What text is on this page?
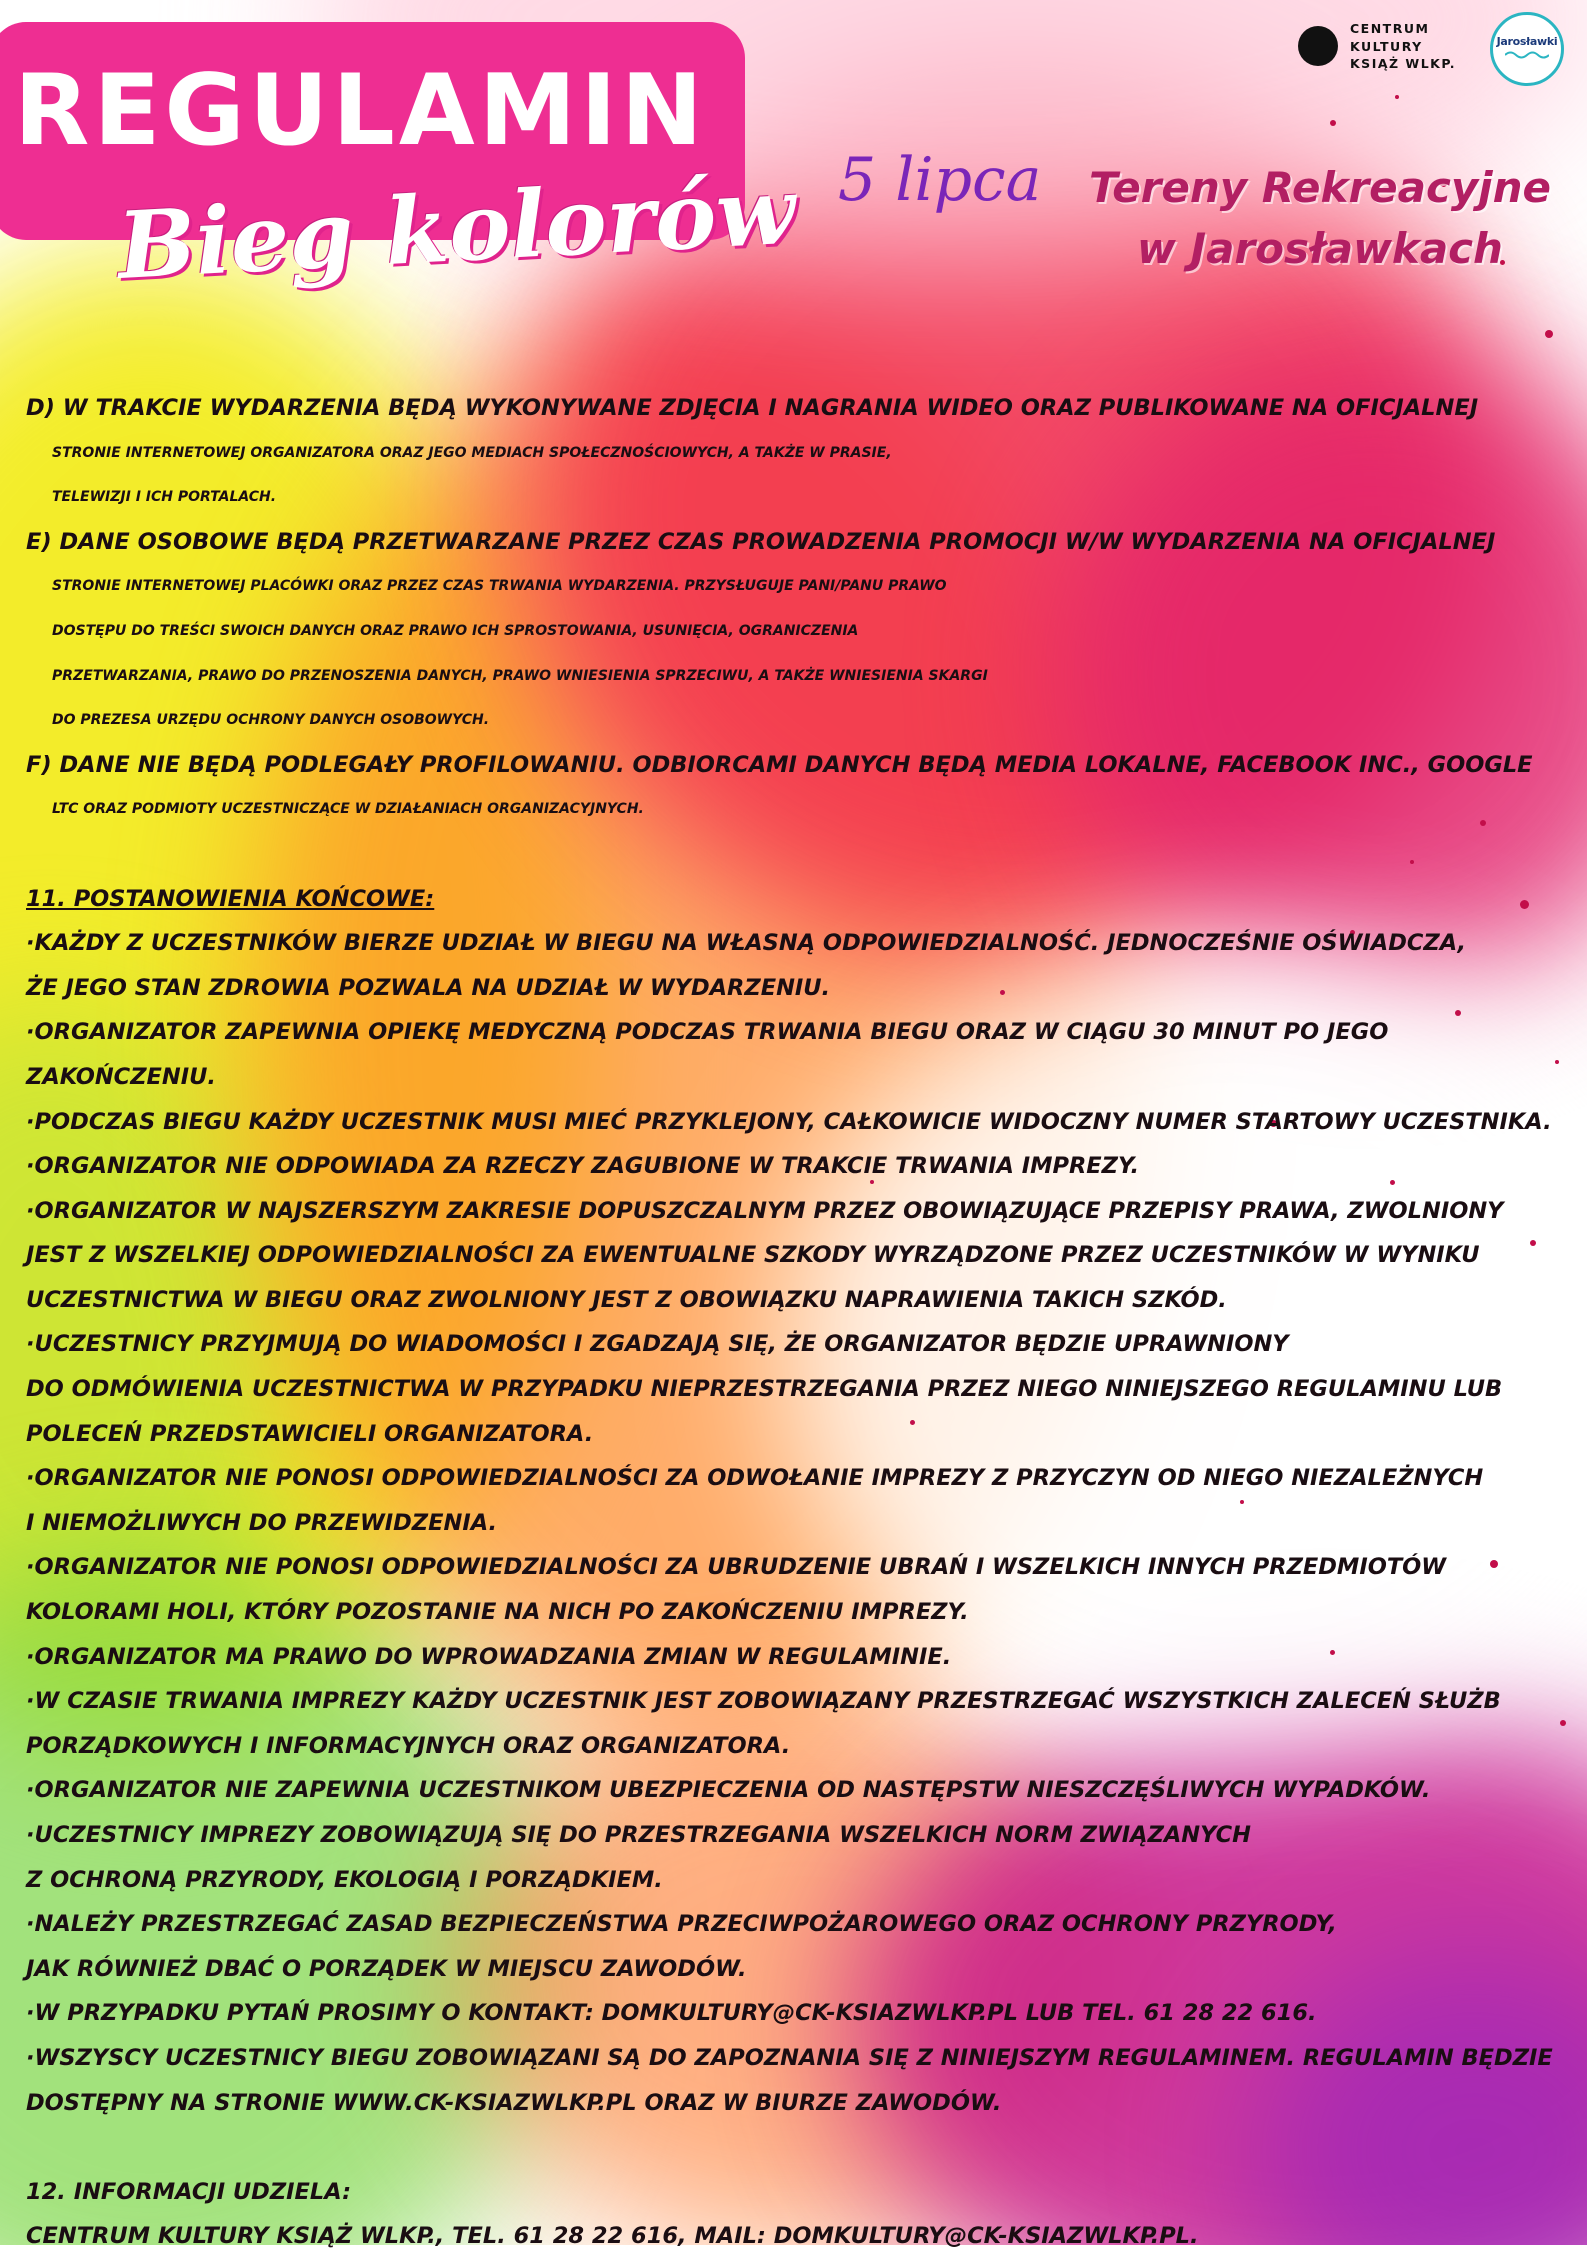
REGULAMIN
Bieg kolorów 5 lipca	Tereny Rekreacyjne
w Jarosławkach
CENTRUM
KULTURY
KSIĄŻ WLKP.
Jarosławki
D) W TRAKCIE WYDARZENIA BĘDĄ WYKONYWANE ZDJĘCIA I NAGRANIA WIDEO ORAZ PUBLIKOWANE NA OFICJALNEJ
STRONIE INTERNETOWEJ ORGANIZATORA ORAZ JEGO MEDIACH SPOŁECZNOŚCIOWYCH, A TAKŻE W PRASIE,
TELEWIZJI I ICH PORTALACH.
E) DANE OSOBOWE BĘDĄ PRZETWARZANE PRZEZ CZAS PROWADZENIA PROMOCJI W/W WYDARZENIA NA OFICJALNEJ
STRONIE INTERNETOWEJ PLACÓWKI ORAZ PRZEZ CZAS TRWANIA WYDARZENIA. PRZYSŁUGUJE PANI/PANU PRAWO
DOSTĘPU DO TREŚCI SWOICH DANYCH ORAZ PRAWO ICH SPROSTOWANIA, USUNIĘCIA, OGRANICZENIA
PRZETWARZANIA, PRAWO DO PRZENOSZENIA DANYCH, PRAWO WNIESIENIA SPRZECIWU, A TAKŻE WNIESIENIA SKARGI
DO PREZESA URZĘDU OCHRONY DANYCH OSOBOWYCH.
F) DANE NIE BĘDĄ PODLEGAŁY PROFILOWANIU. ODBIORCAMI DANYCH BĘDĄ MEDIA LOKALNE, FACEBOOK INC., GOOGLE
LTC ORAZ PODMIOTY UCZESTNICZĄCE W DZIAŁANIACH ORGANIZACYJNYCH.
11. POSTANOWIENIA KOŃCOWE:
·KAŻDY Z UCZESTNIKÓW BIERZE UDZIAŁ W BIEGU NA WŁASNĄ ODPOWIEDZIALNOŚĆ. JEDNOCZEŚNIE OŚWIADCZA,
ŻE JEGO STAN ZDROWIA POZWALA NA UDZIAŁ W WYDARZENIU.
·ORGANIZATOR ZAPEWNIA OPIEKĘ MEDYCZNĄ PODCZAS TRWANIA BIEGU ORAZ W CIĄGU 30 MINUT PO JEGO
ZAKOŃCZENIU.
·PODCZAS BIEGU KAŻDY UCZESTNIK MUSI MIEĆ PRZYKLEJONY, CAŁKOWICIE WIDOCZNY NUMER STARTOWY UCZESTNIKA.
·ORGANIZATOR NIE ODPOWIADA ZA RZECZY ZAGUBIONE W TRAKCIE TRWANIA IMPREZY.
·ORGANIZATOR W NAJSZERSZYM ZAKRESIE DOPUSZCZALNYM PRZEZ OBOWIĄZUJĄCE PRZEPISY PRAWA, ZWOLNIONY
JEST Z WSZELKIEJ ODPOWIEDZIALNOŚCI ZA EWENTUALNE SZKODY WYRZĄDZONE PRZEZ UCZESTNIKÓW W WYNIKU
UCZESTNICTWA W BIEGU ORAZ ZWOLNIONY JEST Z OBOWIĄZKU NAPRAWIENIA TAKICH SZKÓD.
·UCZESTNICY PRZYJMUJĄ DO WIADOMOŚCI I ZGADZAJĄ SIĘ, ŻE ORGANIZATOR BĘDZIE UPRAWNIONY
DO ODMÓWIENIA UCZESTNICTWA W PRZYPADKU NIEPRZESTRZEGANIA PRZEZ NIEGO NINIEJSZEGO REGULAMINU LUB
POLECEŃ PRZEDSTAWICIELI ORGANIZATORA.
·ORGANIZATOR NIE PONOSI ODPOWIEDZIALNOŚCI ZA ODWOŁANIE IMPREZY Z PRZYCZYN OD NIEGO NIEZALEŻNYCH
I NIEMOŻLIWYCH DO PRZEWIDZENIA.
·ORGANIZATOR NIE PONOSI ODPOWIEDZIALNOŚCI ZA UBRUDZENIE UBRAŃ I WSZELKICH INNYCH PRZEDMIOTÓW
KOLORAMI HOLI, KTÓRY POZOSTANIE NA NICH PO ZAKOŃCZENIU IMPREZY.
·ORGANIZATOR MA PRAWO DO WPROWADZANIA ZMIAN W REGULAMINIE.
·W CZASIE TRWANIA IMPREZY KAŻDY UCZESTNIK JEST ZOBOWIĄZANY PRZESTRZEGAĆ WSZYSTKICH ZALECEŃ SŁUŻB
PORZĄDKOWYCH I INFORMACYJNYCH ORAZ ORGANIZATORA.
·ORGANIZATOR NIE ZAPEWNIA UCZESTNIKOM UBEZPIECZENIA OD NASTĘPSTW NIESZCZĘŚLIWYCH WYPADKÓW.
·UCZESTNICY IMPREZY ZOBOWIĄZUJĄ SIĘ DO PRZESTRZEGANIA WSZELKICH NORM ZWIĄZANYCH
Z OCHRONĄ PRZYRODY, EKOLOGIĄ I PORZĄDKIEM.
·NALEŻY PRZESTRZEGAĆ ZASAD BEZPIECZEŃSTWA PRZECIWPOŻAROWEGO ORAZ OCHRONY PRZYRODY,
JAK RÓWNIEŻ DBAĆ O PORZĄDEK W MIEJSCU ZAWODÓW.
·W PRZYPADKU PYTAŃ PROSIMY O KONTAKT: DOMKULTURY@CK-KSIAZWLKP.PL LUB TEL. 61 28 22 616.
·WSZYSCY UCZESTNICY BIEGU ZOBOWIĄZANI SĄ DO ZAPOZNANIA SIĘ Z NINIEJSZYM REGULAMINEM. REGULAMIN BĘDZIE
DOSTĘPNY NA STRONIE WWW.CK-KSIAZWLKP.PL ORAZ W BIURZE ZAWODÓW.
12. INFORMACJI UDZIELA:
CENTRUM KULTURY KSIĄŻ WLKP., TEL. 61 28 22 616, MAIL: DOMKULTURY@CK-KSIAZWLKP.PL.
